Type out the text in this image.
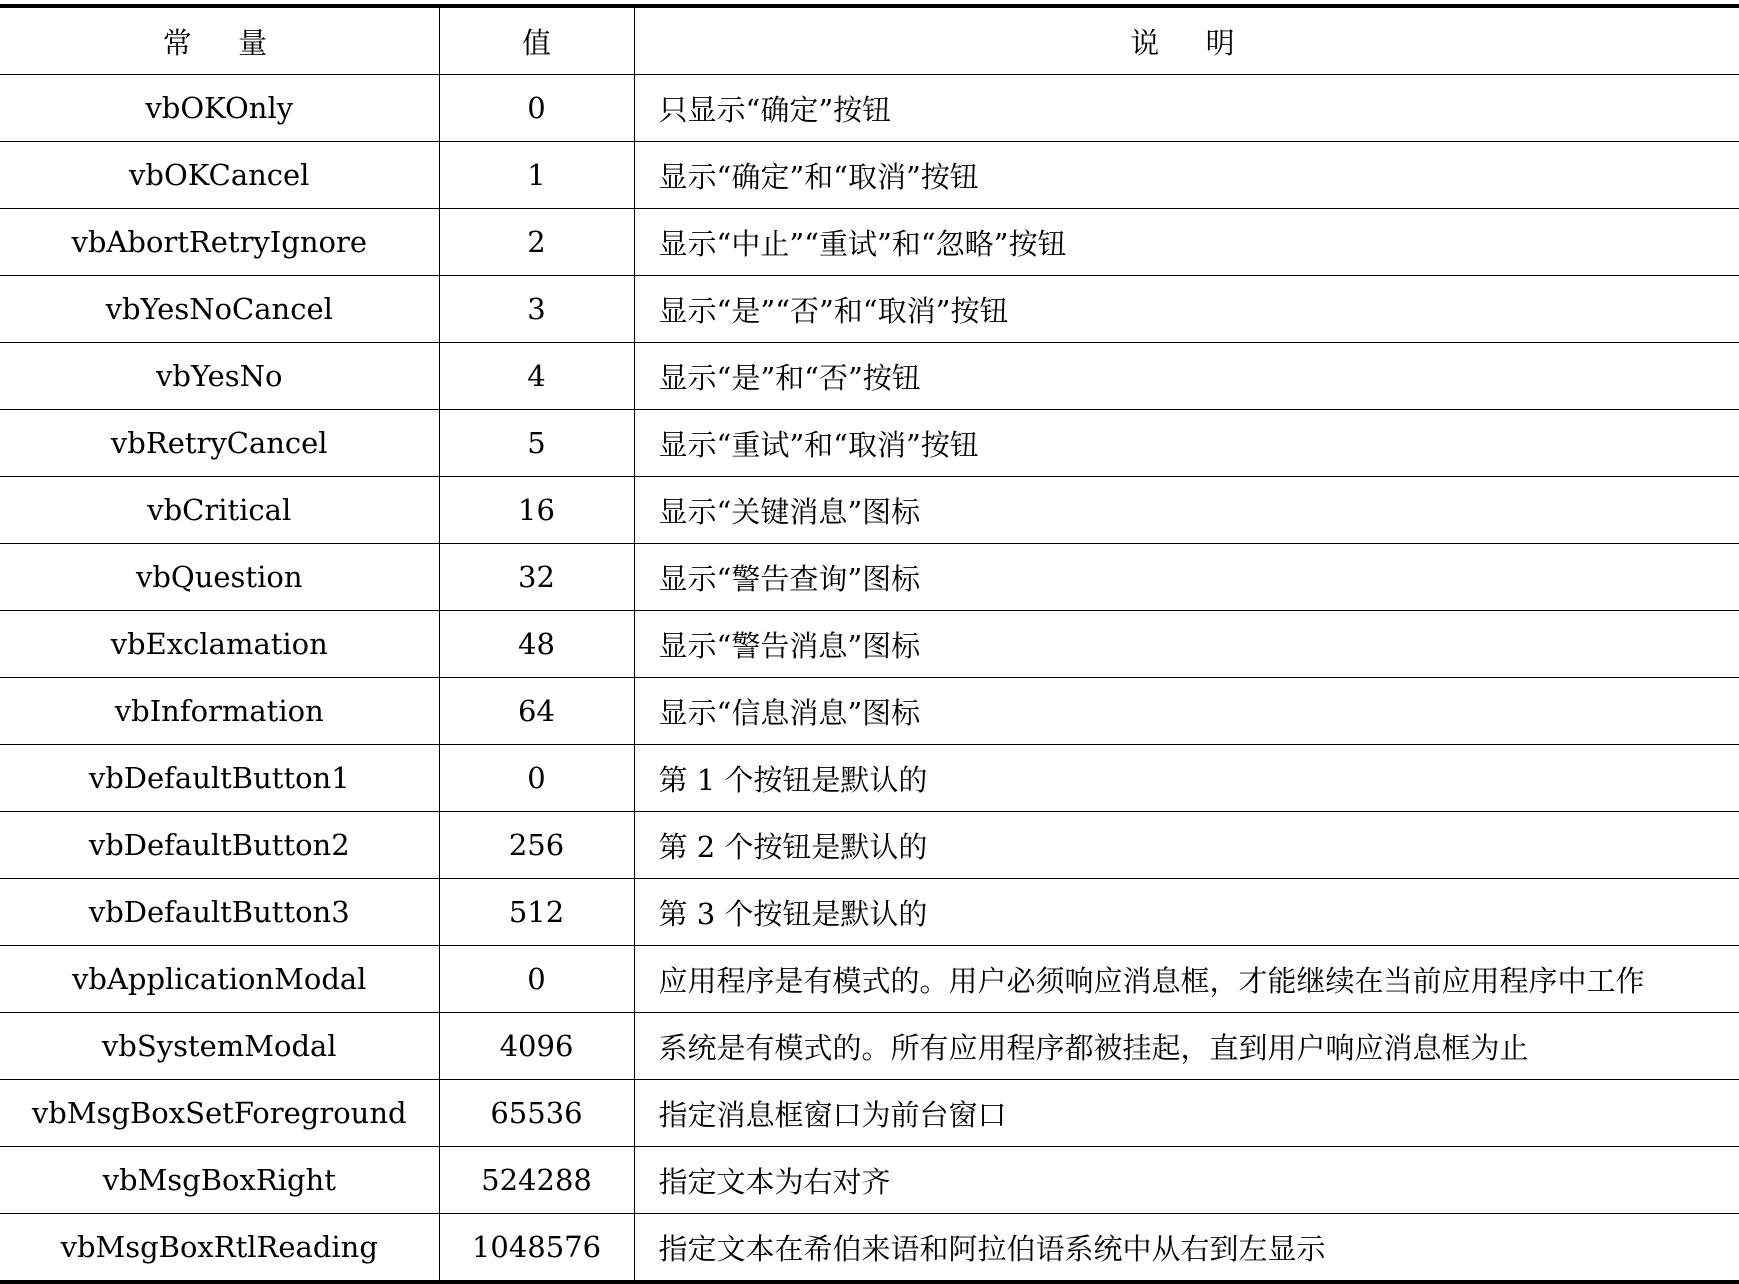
常　量	值	说　明
vbOKOnly	0	只显示“确定”按钮
vbOKCancel	1	显示“确定”和“取消”按钮
vbAbortRetryIgnore	2	显示“中止”“重试”和“忽略”按钮
vbYesNoCancel	3	显示“是”“否”和“取消”按钮
vbYesNo	4	显示“是”和“否”按钮
vbRetryCancel	5	显示“重试”和“取消”按钮
vbCritical	16	显示“关键消息”图标
vbQuestion	32	显示“警告查询”图标
vbExclamation	48	显示“警告消息”图标
vbInformation	64	显示“信息消息”图标
vbDefaultButton1	0	第 1 个按钮是默认的
vbDefaultButton2	256	第 2 个按钮是默认的
vbDefaultButton3	512	第 3 个按钮是默认的
vbApplicationModal	0	应用程序是有模式的。用户必须响应消息框，才能继续在当前应用程序中工作
vbSystemModal	4096	系统是有模式的。所有应用程序都被挂起，直到用户响应消息框为止
vbMsgBoxSetForeground	65536	指定消息框窗口为前台窗口
vbMsgBoxRight	524288	指定文本为右对齐
vbMsgBoxRtlReading	1048576	指定文本在希伯来语和阿拉伯语系统中从右到左显示
